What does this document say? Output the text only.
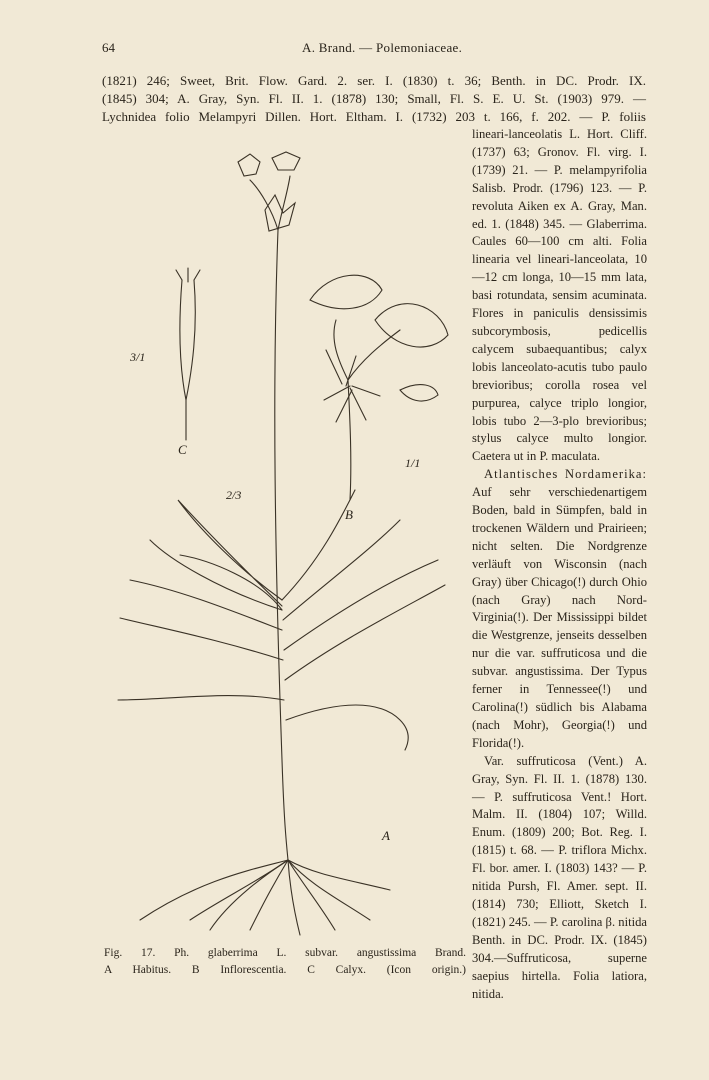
64	A. Brand. — Polemoniaceae.
(1821) 246; Sweet, Brit. Flow. Gard. 2. ser. I. (1830) t. 36; Benth. in DC. Prodr. IX.
(1845) 304; A. Gray, Syn. Fl. II. 1. (1878) 130; Small, Fl. S. E. U. St. (1903) 979. —
Lychnidea folio Melampyri Dillen. Hort. Eltham. I. (1732) 203 t. 166, f. 202. — P. foliis

lineari-lanceolatis L. Hort. Cliff. (1737) 63; Gronov. Fl. virg. I. (1739) 21. — P. melampyrifolia Salisb. Prodr. (1796) 123. — P. revoluta Aiken ex A. Gray, Man. ed. 1. (1848) 345. — Glaberrima. Caules 60—100 cm alti. Folia linearia vel lineari-lanceolata, 10—12 cm longa, 10—15 mm lata, basi rotundata, sensim acuminata. Flores in paniculis densissimis subcorymbosis, pedicellis calycem subaequantibus; calyx lobis lanceolato-acutis tubo paulo brevioribus; corolla rosea vel purpurea, calyce triplo longior, lobis tubo 2—3-plo brevioribus; stylus calyce multo longior. Caetera ut in P. maculata.

Atlantisches Nordamerika: Auf sehr verschiedenartigem Boden, bald in Sümpfen, bald in trockenen Wäldern und Prairieen; nicht selten. Die Nordgrenze verläuft von Wisconsin (nach Gray) über Chicago(!) durch Ohio (nach Gray) nach Nord-Virginia(!). Der Mississippi bildet die Westgrenze, jenseits desselben nur die var. suffruticosa und die subvar. angustissima. Der Typus ferner in Tennessee(!) und Carolina(!) südlich bis Alabama (nach Mohr), Georgia(!) und Florida(!).

Var. suffruticosa (Vent.) A. Gray, Syn. Fl. II. 1. (1878) 130. — P. suffruticosa Vent.! Hort. Malm. II. (1804) 107; Willd. Enum. (1809) 200; Bot. Reg. I. (1815) t. 68. — P. triflora Michx. Fl. bor. amer. I. (1803) 143? — P. nitida Pursh, Fl. Amer. sept. II. (1814) 730; Elliott, Sketch I. (1821) 245. — P. carolina β. nitida Benth. in DC. Prodr. IX. (1845) 304.—Suffruticosa, superne saepius hirtella. Folia latiora, nitida.

3/1
C
1/1
2/3
B
A
Fig. 17. Ph. glaberrima L. subvar. angustissima Brand.
A Habitus. B Inflorescentia. C Calyx. (Icon origin.)
